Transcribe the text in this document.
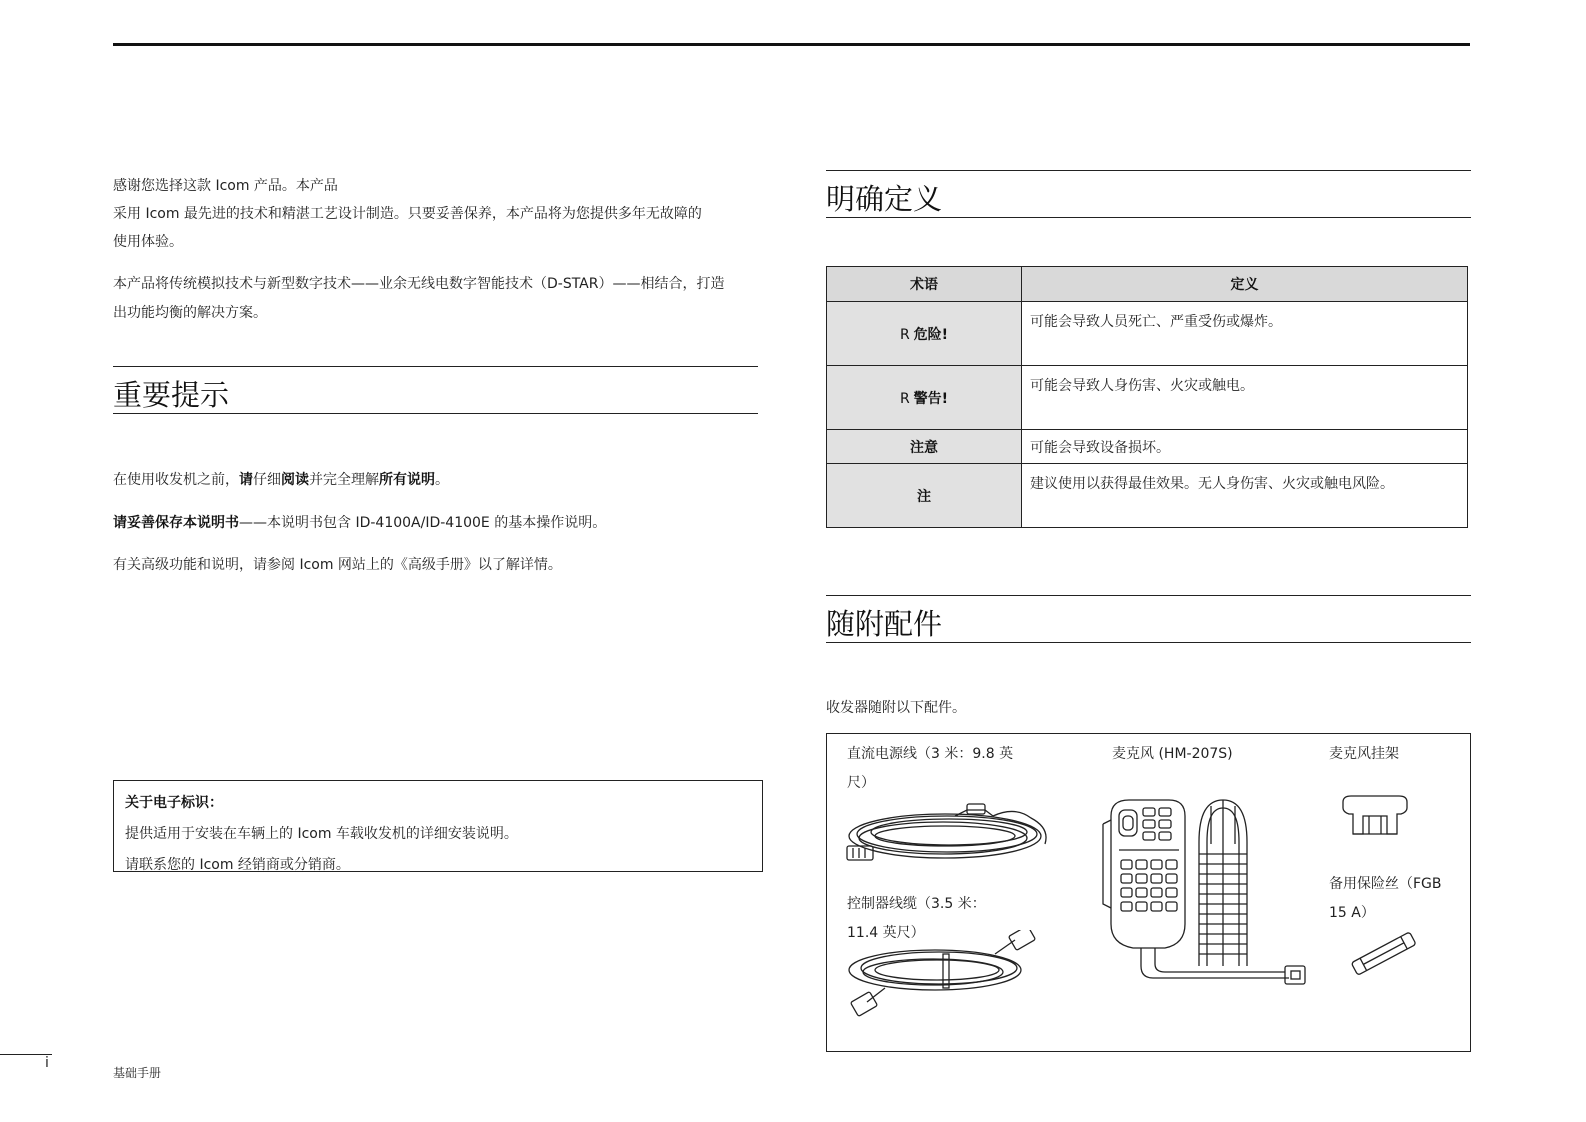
感谢您选择这款 Icom 产品。本产品

采用 Icom 最先进的技术和精湛工艺设计制造。只要妥善保养，本产品将为您提供多年无故障的

使用体验。

本产品将传统模拟技术与新型数字技术——业余无线电数字智能技术（D-STAR）——相结合，打造

出功能均衡的解决方案。

重要提示
在使用收发机之前，请仔细阅读并完全理解所有说明。
请妥善保存本说明书——本说明书包含 ID-4100A/ID-4100E 的基本操作说明。
有关高级功能和说明，请参阅 Icom 网站上的《高级手册》以了解详情。
关于电子标识：
提供适用于安装在车辆上的 Icom 车载收发机的详细安装说明。
请联系您的 Icom 经销商或分销商。
明确定义
术语	定义
R 危险!	可能会导致人员死亡、严重受伤或爆炸。
R 警告!	可能会导致人身伤害、火灾或触电。
注意	可能会导致设备损坏。
注	建议使用以获得最佳效果。无人身伤害、火灾或触电风险。
随附配件
收发器随附以下配件。
直流电源线（3 米：9.8 英
尺）
控制器线缆（3.5 米：
11.4 英尺）
麦克风 (HM-207S)	麦克风挂架
备用保险丝（FGB
15 A）
i
基础手册
